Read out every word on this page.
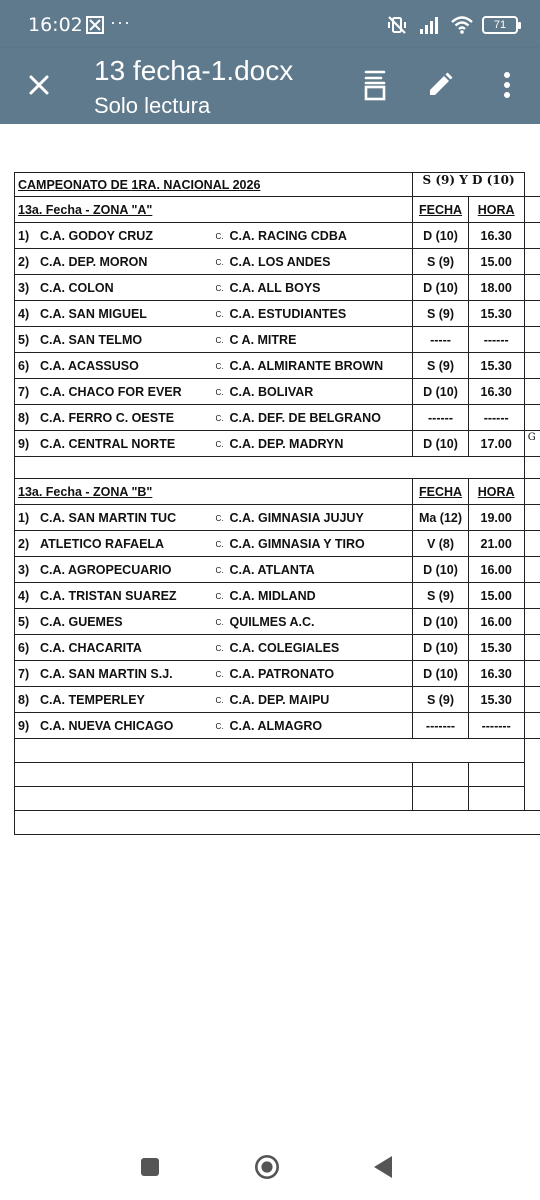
16:02 ···	71
13 fecha-1.docx
Solo lectura
CAMPEONATO DE 1RA. NACIONAL 2026		S (9) Y D (10)		
13a. Fecha - ZONA "A"		FECHA	HORA	
1) C.A. GODOY CRUZ	C. C.A. RACING CDBA	D (10)	16.30	
2) C.A. DEP. MORON	C. C.A. LOS ANDES	S (9)	15.00	
3) C.A. COLON	C. C.A. ALL BOYS	D (10)	18.00	
4) C.A. SAN MIGUEL	C. C.A. ESTUDIANTES	S (9)	15.30	
5) C.A. SAN TELMO	C. C A. MITRE	-----	------	
6) C.A. ACASSUSO	C. C.A. ALMIRANTE BROWN	S (9)	15.30	
7) C.A. CHACO FOR EVER	C. C.A. BOLIVAR	D (10)	16.30	
8) C.A. FERRO C. OESTE	C. C.A. DEF. DE BELGRANO	------	------	
9) C.A. CENTRAL NORTE	C. C.A. DEP. MADRYN	D (10)	17.00	G

13a. Fecha - ZONA "B"		FECHA	HORA	
1) C.A. SAN MARTIN TUC	C. C.A. GIMNASIA JUJUY	Ma (12)	19.00	
2) ATLETICO RAFAELA	C. C.A. GIMNASIA Y TIRO	V (8)	21.00	
3) C.A. AGROPECUARIO	C. C.A. ATLANTA	D (10)	16.00	
4) C.A. TRISTAN SUAREZ	C. C.A. MIDLAND	S (9)	15.00	
5) C.A. GUEMES	C. QUILMES A.C.	D (10)	16.00	
6) C.A. CHACARITA	C. C.A. COLEGIALES	D (10)	15.30	
7) C.A. SAN MARTIN S.J.	C. C.A. PATRONATO	D (10)	16.30	
8) C.A. TEMPERLEY	C. C.A. DEP. MAIPU	S (9)	15.30	
9) C.A. NUEVA CHICAGO	C. C.A. ALMAGRO	-------	-------	
